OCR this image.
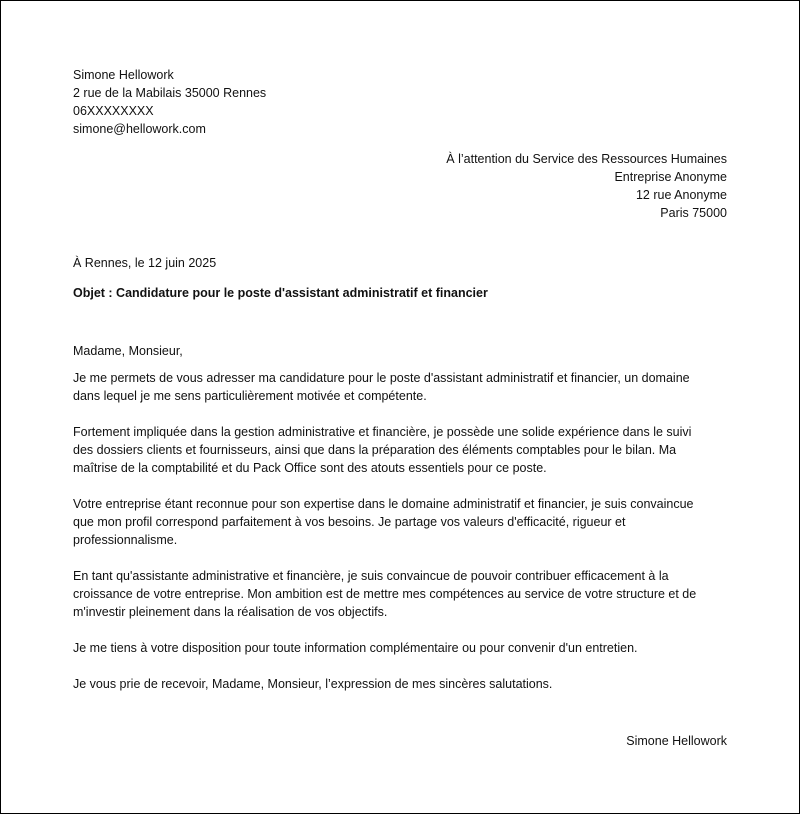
Simone Hellowork
2 rue de la Mabilais 35000 Rennes
06XXXXXXXX
simone@hellowork.com
À l’attention du Service des Ressources Humaines
Entreprise Anonyme
12 rue Anonyme
Paris 75000
À Rennes, le 12 juin 2025
Objet : Candidature pour le poste d'assistant administratif et financier
Madame, Monsieur,
Je me permets de vous adresser ma candidature pour le poste d'assistant administratif et financier, un domaine
dans lequel je me sens particulièrement motivée et compétente.
Fortement impliquée dans la gestion administrative et financière, je possède une solide expérience dans le suivi
des dossiers clients et fournisseurs, ainsi que dans la préparation des éléments comptables pour le bilan. Ma
maîtrise de la comptabilité et du Pack Office sont des atouts essentiels pour ce poste.
Votre entreprise étant reconnue pour son expertise dans le domaine administratif et financier, je suis convaincue
que mon profil correspond parfaitement à vos besoins. Je partage vos valeurs d'efficacité, rigueur et
professionnalisme.
En tant qu'assistante administrative et financière, je suis convaincue de pouvoir contribuer efficacement à la
croissance de votre entreprise. Mon ambition est de mettre mes compétences au service de votre structure et de
m'investir pleinement dans la réalisation de vos objectifs.
Je me tiens à votre disposition pour toute information complémentaire ou pour convenir d'un entretien.
Je vous prie de recevoir, Madame, Monsieur, l’expression de mes sincères salutations.
Simone Hellowork
